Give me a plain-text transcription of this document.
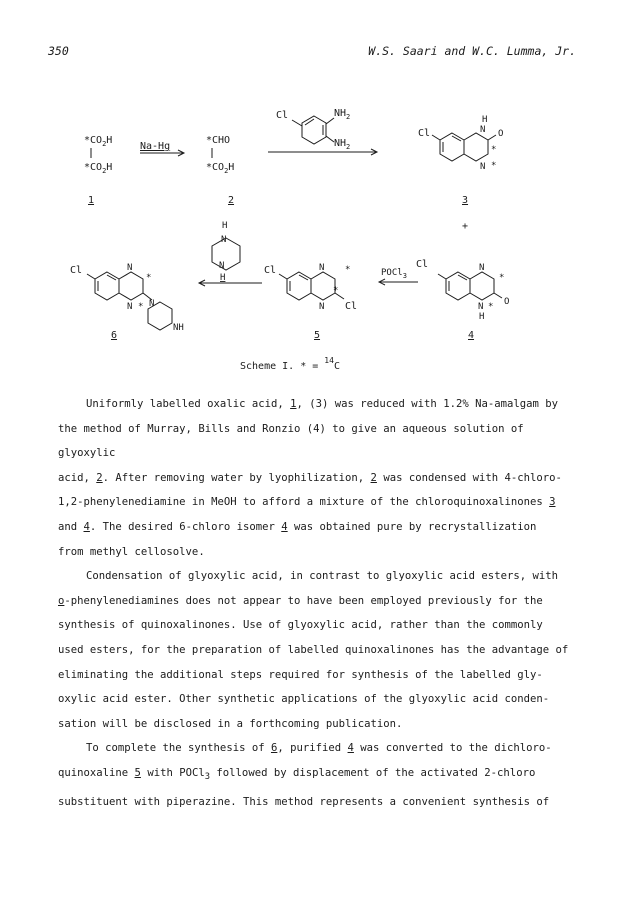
350	W.S. Saari and W.C. Lumma, Jr.
$*CO_2H$
$*CO_2H$
1
Na-Hg
*CHO
$*CO_2H$
2
Cl	$NH_2$
$NH_2$
Cl
H
N O
*
N *
3
+
H
N
N
H
Cl	N *
N
*
Cl
5
POCl$_3$
Cl	N
*
N
H
* O
4
Cl	N
*
N * N
NH
6
Scheme I. * = $^{14}$C

Uniformly labelled oxalic acid, 1, (3) was reduced with 1.2% Na-amalgam by

the method of Murray, Bills and Ronzio (4) to give an aqueous solution of glyoxylic

acid, 2. After removing water by lyophilization, 2 was condensed with 4-chloro-

1,2-phenylenediamine in MeOH to afford a mixture of the chloroquinoxalinones 3

and 4. The desired 6-chloro isomer 4 was obtained pure by recrystallization

from methyl cellosolve.

Condensation of glyoxylic acid, in contrast to glyoxylic acid esters, with

o-phenylenediamines does not appear to have been employed previously for the

synthesis of quinoxalinones. Use of glyoxylic acid, rather than the commonly

used esters, for the preparation of labelled quinoxalinones has the advantage of

eliminating the additional steps required for synthesis of the labelled gly-

oxylic acid ester. Other synthetic applications of the glyoxylic acid conden-

sation will be disclosed in a forthcoming publication.

To complete the synthesis of 6, purified 4 was converted to the dichloro-

quinoxaline 5 with POCl$_3$ followed by displacement of the activated 2-chloro

substituent with piperazine. This method represents a convenient synthesis of
